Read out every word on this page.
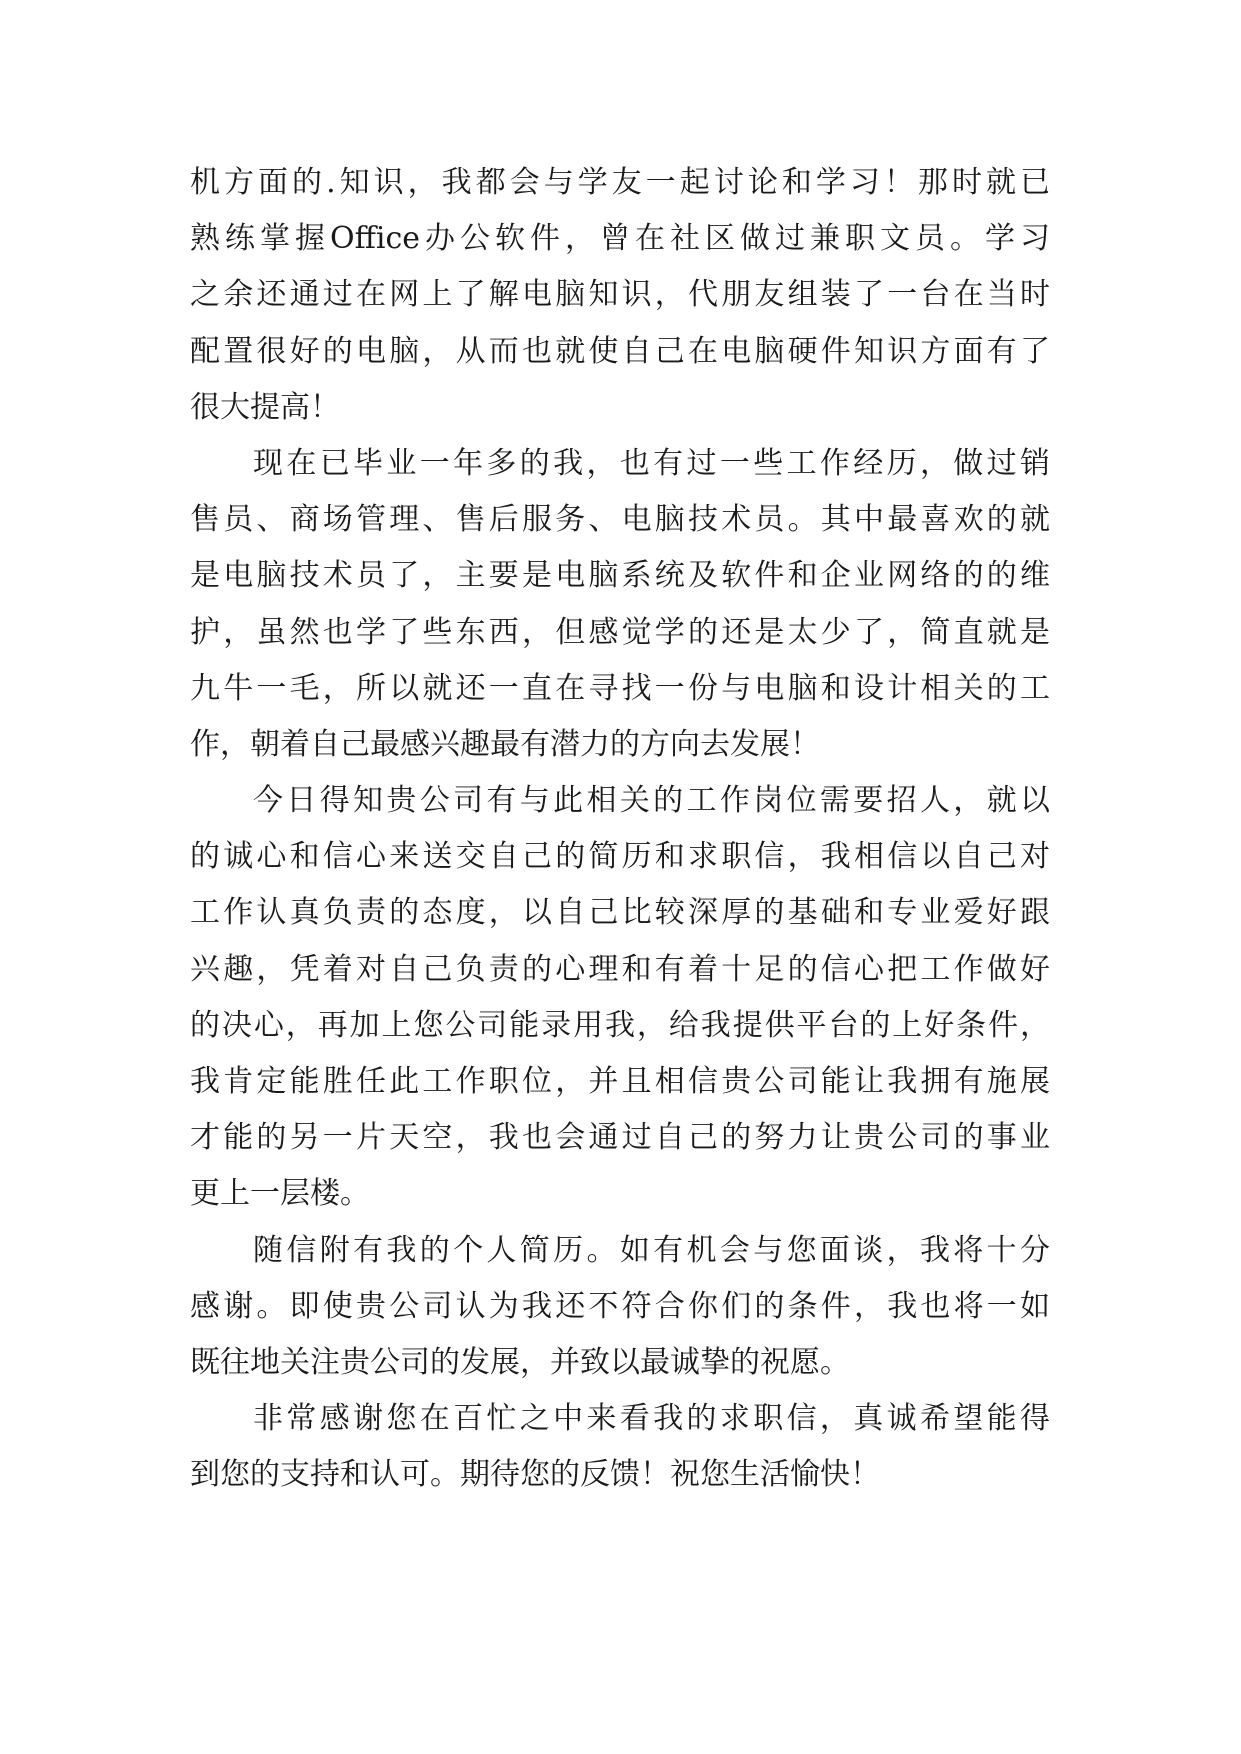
机方面的.知识，我都会与学友一起讨论和学习！那时就已
熟练掌握Office办公软件，曾在社区做过兼职文员。学习
之余还通过在网上了解电脑知识，代朋友组装了一台在当时
配置很好的电脑，从而也就使自己在电脑硬件知识方面有了
很大提高！
现在已毕业一年多的我，也有过一些工作经历，做过销
售员、商场管理、售后服务、电脑技术员。其中最喜欢的就
是电脑技术员了，主要是电脑系统及软件和企业网络的的维
护，虽然也学了些东西，但感觉学的还是太少了，简直就是
九牛一毛，所以就还一直在寻找一份与电脑和设计相关的工
作，朝着自己最感兴趣最有潜力的方向去发展！
今日得知贵公司有与此相关的工作岗位需要招人，就以
的诚心和信心来送交自己的简历和求职信，我相信以自己对
工作认真负责的态度，以自己比较深厚的基础和专业爱好跟
兴趣，凭着对自己负责的心理和有着十足的信心把工作做好
的决心，再加上您公司能录用我，给我提供平台的上好条件，
我肯定能胜任此工作职位，并且相信贵公司能让我拥有施展
才能的另一片天空，我也会通过自己的努力让贵公司的事业
更上一层楼。
随信附有我的个人简历。如有机会与您面谈，我将十分
感谢。即使贵公司认为我还不符合你们的条件，我也将一如
既往地关注贵公司的发展，并致以最诚挚的祝愿。
非常感谢您在百忙之中来看我的求职信，真诚希望能得
到您的支持和认可。期待您的反馈！祝您生活愉快！
